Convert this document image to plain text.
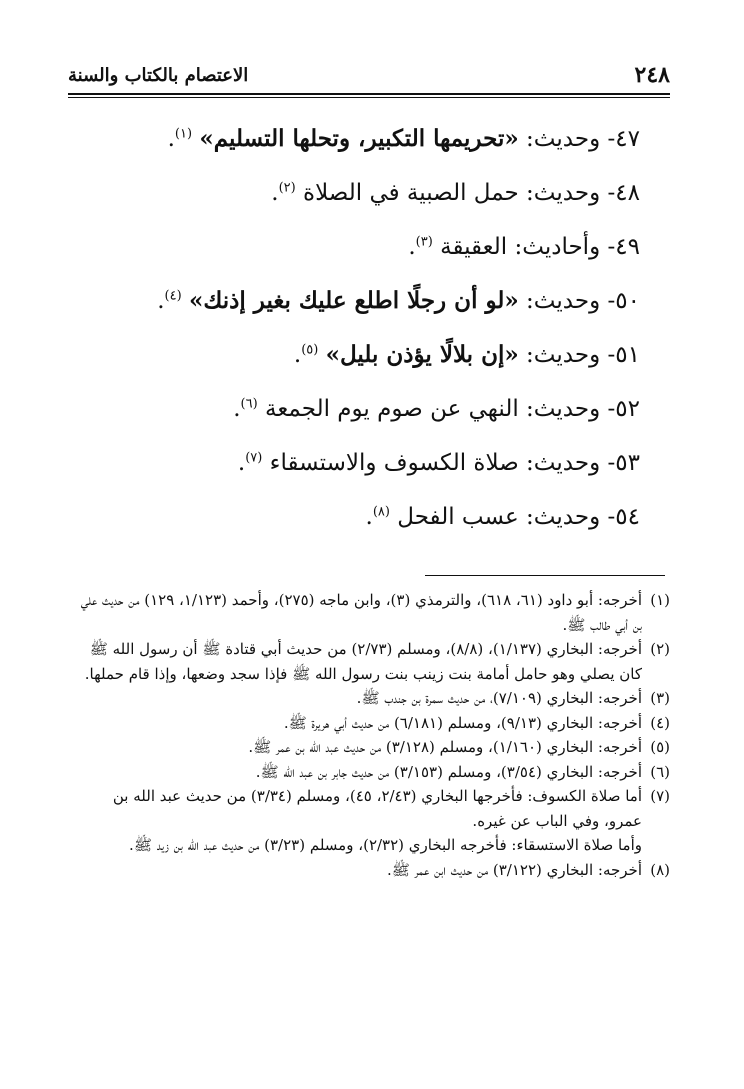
٢٤٨
الاعتصام بالكتاب والسنة
٤٧- وحديث: «تحريمها التكبير، وتحلها التسليم» $^{(١)}$.
٤٨- وحديث: حمل الصبية في الصلاة $^{(٢)}$.
٤٩- وأحاديث: العقيقة $^{(٣)}$.
٥٠- وحديث: «لو أن رجلًا اطلع عليك بغير إذنك» $^{(٤)}$.
٥١- وحديث: «إن بلالًا يؤذن بليل» $^{(٥)}$.
٥٢- وحديث: النهي عن صوم يوم الجمعة $^{(٦)}$.
٥٣- وحديث: صلاة الكسوف والاستسقاء $^{(٧)}$.
٥٤- وحديث: عسب الفحل $^{(٨)}$.
(١)

أخرجه: أبو داود (٦١، ٦١٨)، والترمذي (٣)، وابن ماجه (٢٧٥)، وأحمد (١/١٢٣، ١٢٩) من حديث علي بن أبي طالب ﷺ.

(٢)

أخرجه: البخاري (١/١٣٧)، (٨/٨)، ومسلم (٢/٧٣) من حديث أبي قتادة ﷺ أن رسول الله ﷺ كان يصلي وهو حامل أمامة بنت زينب بنت رسول الله ﷺ فإذا سجد وضعها، وإذا قام حملها.

(٣)

أخرجه: البخاري (٧/١٠٩)، من حديث سمرة بن جندب ﷺ.

(٤)

أخرجه: البخاري (٩/١٣)، ومسلم (٦/١٨١) من حديث أبي هريرة ﷺ.

(٥)

أخرجه: البخاري (١/١٦٠)، ومسلم (٣/١٢٨) من حديث عبد الله بن عمر ﷺ.

(٦)

أخرجه: البخاري (٣/٥٤)، ومسلم (٣/١٥٣) من حديث جابر بن عبد الله ﷺ.

(٧)

أما صلاة الكسوف: فأخرجها البخاري (٢/٤٣، ٤٥)، ومسلم (٣/٣٤) من حديث عبد الله بن عمرو، وفي الباب عن غيره.

وأما صلاة الاستسقاء: فأخرجه البخاري (٢/٣٢)، ومسلم (٣/٢٣) من حديث عبد الله بن زيد ﷺ.

(٨)

أخرجه: البخاري (٣/١٢٢) من حديث ابن عمر ﷺ.
